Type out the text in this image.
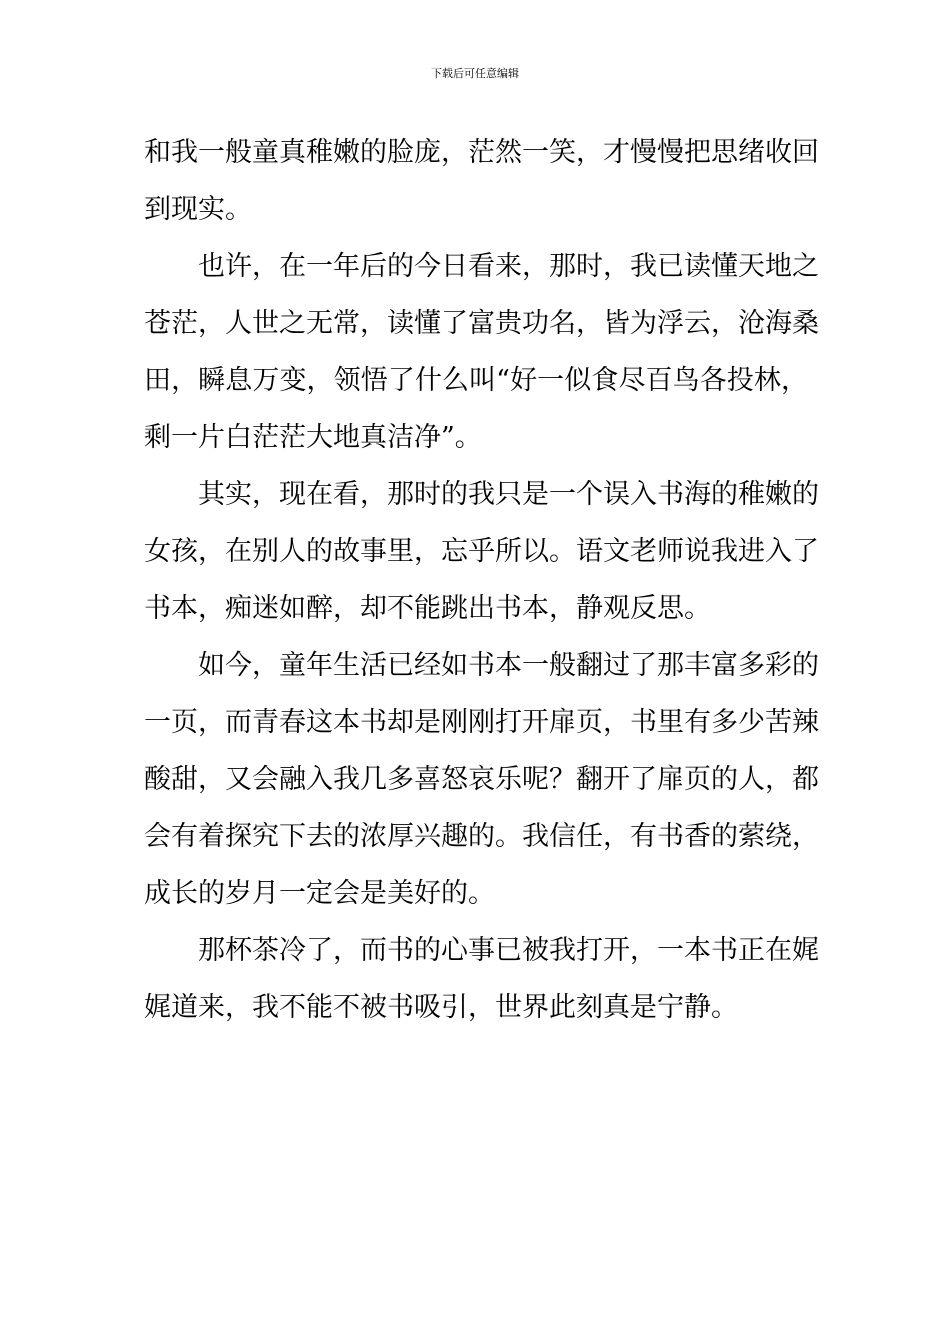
下载后可任意编辑
和我一般童真稚嫩的脸庞，茫然一笑，才慢慢把思绪收回
到现实。
也许，在一年后的今日看来，那时，我已读懂天地之
苍茫，人世之无常，读懂了富贵功名，皆为浮云，沧海桑
田，瞬息万变，领悟了什么叫“好一似食尽百鸟各投林，
剩一片白茫茫大地真洁净”。
其实，现在看，那时的我只是一个误入书海的稚嫩的
女孩，在别人的故事里，忘乎所以。语文老师说我进入了
书本，痴迷如醉，却不能跳出书本，静观反思。
如今，童年生活已经如书本一般翻过了那丰富多彩的
一页，而青春这本书却是刚刚打开扉页，书里有多少苦辣
酸甜，又会融入我几多喜怒哀乐呢？翻开了扉页的人，都
会有着探究下去的浓厚兴趣的。我信任，有书香的萦绕，
成长的岁月一定会是美好的。
那杯茶冷了，而书的心事已被我打开，一本书正在娓
娓道来，我不能不被书吸引，世界此刻真是宁静。
